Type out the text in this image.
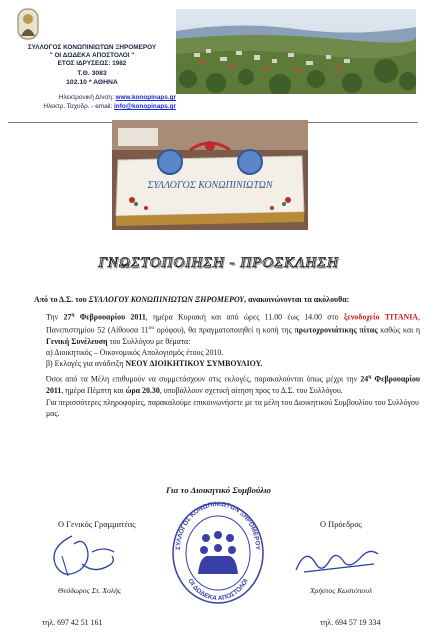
ΣΥΛΛΟΓΟΣ ΚΟΝΩΠΙΝΙΩΤΩΝ ΞΗΡΟΜΕΡΟΥ
" ΟΙ ΔΩΔΕΚΑ ΑΠΟΣΤΟΛΟΙ "
ΕΤΟΣ ΙΔΡΥΣΕΩΣ: 1982
Τ.Θ. 3083
102.10 * ΑΘΗΝΑ
Ηλεκτρονική Δ/νση: www.konopinaps.gr
Ηλεκτρ. Ταχυδρ. - email: info@konopinaps.gr
ΣΥΛΛΟΓΟΣ ΚΟΝΩΠΙΝΙΩΤΩΝ
ΓΝΩΣΤΟΠΟΙΗΣΗ - ΠΡΟΣΚΛΗΣΗ

Από το Δ.Σ. του ΣΥΛΛΟΓΟΥ ΚΟΝΩΠΙΝΙΩΤΩΝ ΞΗΡΟΜΕΡΟΥ, ανακοινώνονται τα ακόλουθα:

Την $27^\eta$ Φεβρουαρίου 2011, ημέρα Κυριακή και από ώρες 11.00 έως 14.00 στο ξενοδοχείο TITANIA, Πανεπιστημίου 52 (Αίθουσα $11^{o\upsilon}$ ορόφου), θα πραγματοποιηθεί η κοπή της πρωτοχρονιάτικης πίτας καθώς και η Γενική Συνέλευση του Συλλόγου με θέματα:

α) Διοικητικός – Οικονομικός Απολογισμός έτους 2010.

β) Εκλογές για ανάδειξη ΝΕΟΥ ΔΙΟΙΚΗΤΙΚΟΥ ΣΥΜΒΟΥΛΙΟΥ.

Όσοι από τα Μέλη επιθυμούν να συμμετάσχουν στις εκλογές, παρακαλούνται όπως μέχρι την $24^\eta$ Φεβρουαρίου 2011, ημέρα Πέμπτη και ώρα 20.30, υποβάλλουν σχετική αίτηση προς το Δ.Σ. του Συλλόγου.

Για περισσότερες πληροφορίες, παρακαλούμε επικοινωνήσετε με τα μέλη του Διοικητικού Συμβουλίου του Συλλόγου μας.

Για το Διοικητικό Συμβούλιο
Ο Γενικός Γραμματέας
Θεόδωρος Στ. Χολής
τηλ. 697 42 51 161
ΣΥΛΛΟΓΟΣ ΚΟΝΩΠΙΝΙΩΤΩΝ ΞΗΡΟΜΕΡΟΥ
ΟΙ ΔΩΔΕΚΑ ΑΠΟΣΤΟΛΟΙ
Ο Πρόεδρος
Χρήστος Κωστόπουλ
τηλ. 694 57 19 334
